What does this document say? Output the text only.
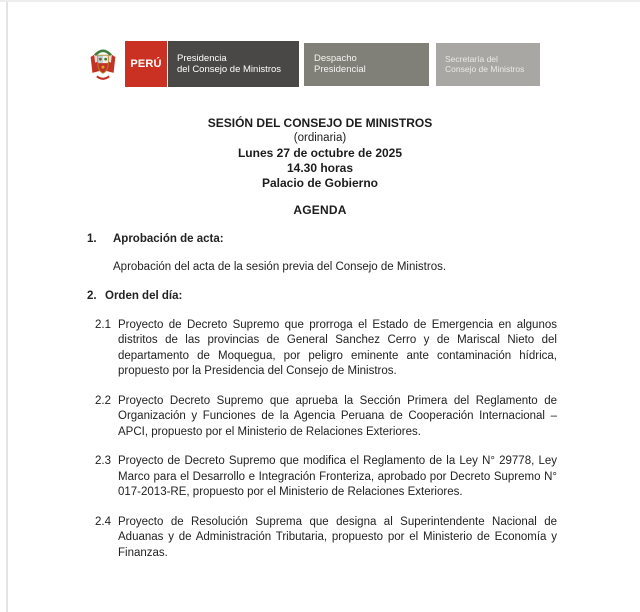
PERÚ Presidencia
del Consejo de Ministros
Despacho
Presidencial
Secretaría del
Consejo de Ministros
SESIÓN DEL CONSEJO DE MINISTROS
(ordinaria)
Lunes 27 de octubre de 2025
14.30 horas
Palacio de Gobierno
AGENDA
1.	Aprobación de acta:
Aprobación del acta de la sesión previa del Consejo de Ministros.
2. Orden del día:
2.1 Proyecto de Decreto Supremo que prorroga el Estado de Emergencia en algunos distritos de las provincias de General Sanchez Cerro y de Mariscal Nieto del departamento de Moquegua, por peligro eminente ante contaminación hídrica, propuesto por la Presidencia del Consejo de Ministros.
2.2 Proyecto Decreto Supremo que aprueba la Sección Primera del Reglamento de Organización y Funciones de la Agencia Peruana de Cooperación Internacional – APCI, propuesto por el Ministerio de Relaciones Exteriores.
2.3 Proyecto de Decreto Supremo que modifica el Reglamento de la Ley N° 29778, Ley Marco para el Desarrollo e Integración Fronteriza, aprobado por Decreto Supremo N° 017-2013-RE, propuesto por el Ministerio de Relaciones Exteriores.
2.4 Proyecto de Resolución Suprema que designa al Superintendente Nacional de Aduanas y de Administración Tributaria, propuesto por el Ministerio de Economía y Finanzas.
